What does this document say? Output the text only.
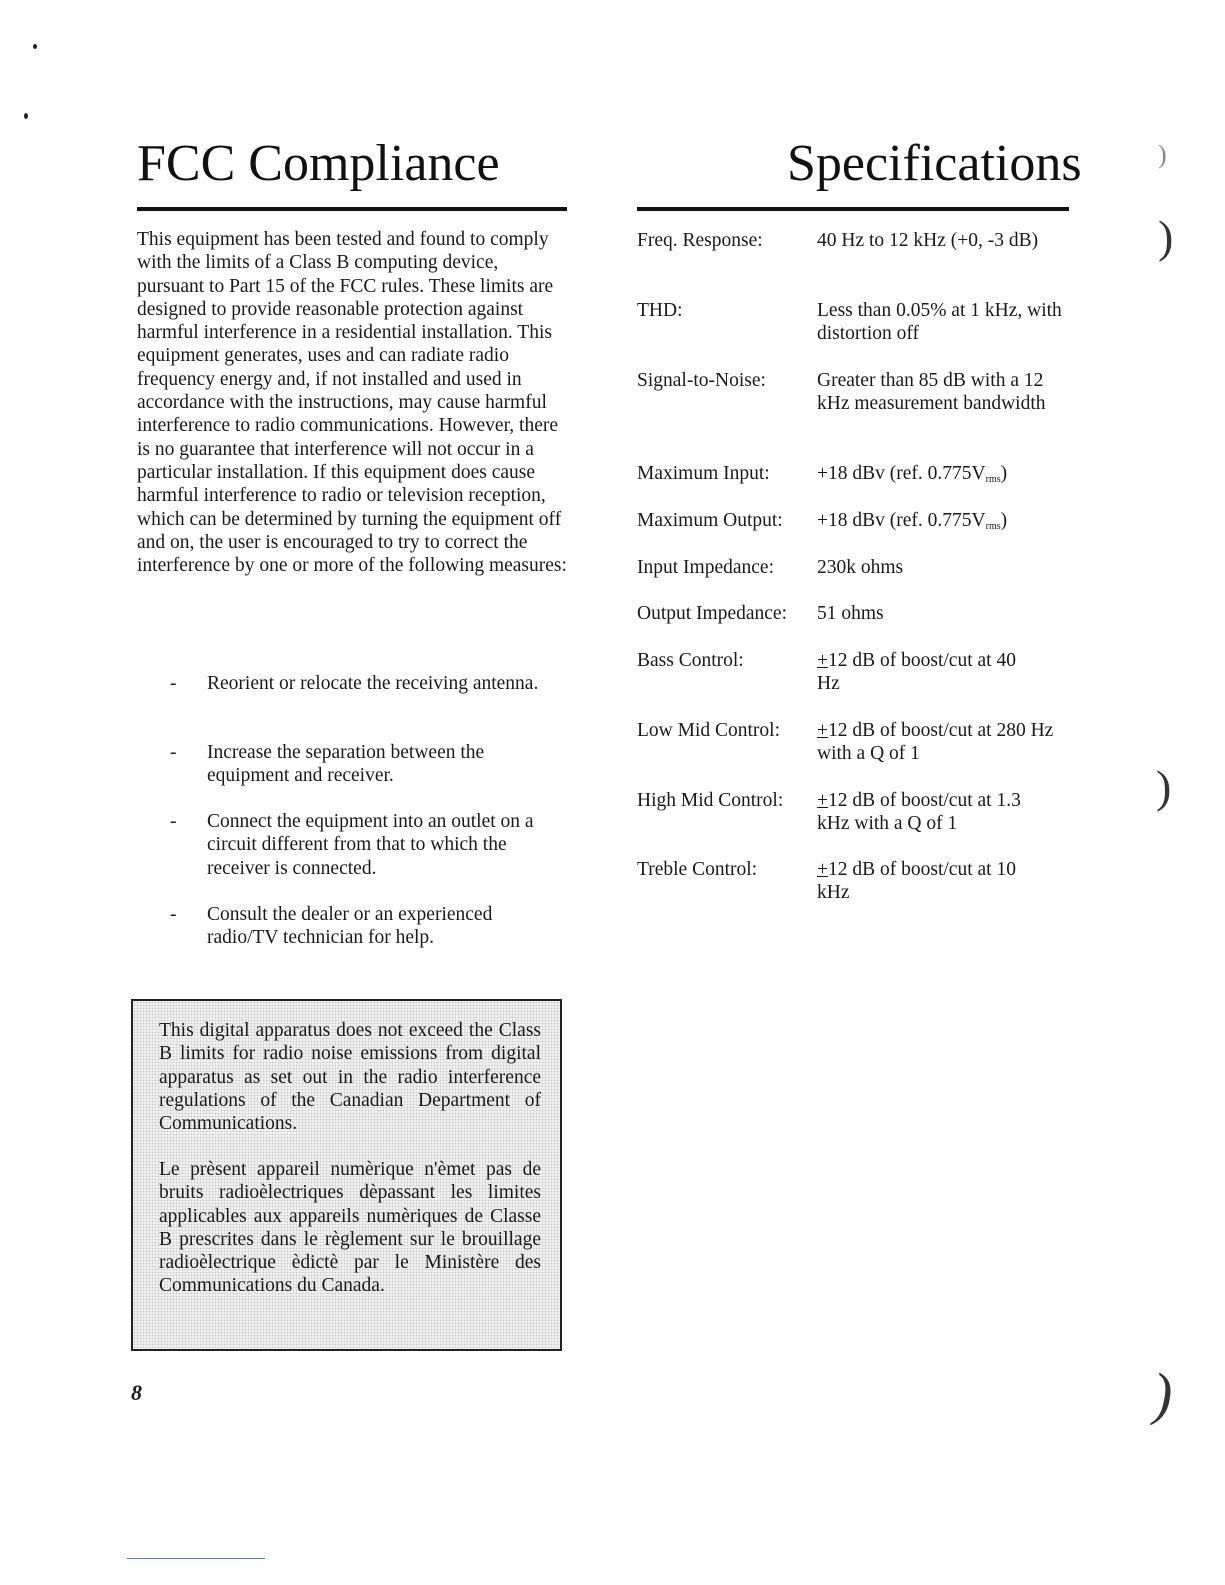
FCC Compliance

This equipment has been tested and found to comply with the limits of a Class B computing device, pursuant to Part 15 of the FCC rules. These limits are designed to provide reasonable protection against harmful interference in a residential installation. This equipment generates, uses and can radiate radio frequency energy and, if not installed and used in accordance with the instructions, may cause harmful interference to radio communications. However, there is no guarantee that interference will not occur in a particular installation. If this equipment does cause harmful interference to radio or television reception, which can be determined by turning the equipment off and on, the user is encouraged to try to correct the interference by one or more of the following measures:

- Reorient or relocate the receiving antenna.
- Increase the separation between the equipment and receiver.
- Connect the equipment into an outlet on a circuit different from that to which the receiver is connected.
- Consult the dealer or an experienced radio/TV technician for help.

This digital apparatus does not exceed the Class B limits for radio noise emissions from digital apparatus as set out in the radio interference regulations of the Canadian Department of Communications.

Le prèsent appareil numèrique n'èmet pas de bruits radioèlectriques dèpassant les limites applicables aux appareils numèriques de Classe B prescrites dans le règlement sur le brouillage radioèlectrique èdictè par le Ministère des Communications du Canada.

8
Specifications
Freq. Response:	40 Hz to 12 kHz (+0, -3 dB)
THD:	Less than 0.05% at 1 kHz, with distortion off
Signal-to-Noise:	Greater than 85 dB with a 12 kHz measurement bandwidth
Maximum Input: +18 dBv (ref. $0.775V_{rms}$)
Maximum Output: +18 dBv (ref. $0.775V_{rms}$)
Input Impedance: 230k ohms
Output Impedance: 51 ohms
Bass Control:	+12 dB of boost/cut at 40 Hz
Low Mid Control: +12 dB of boost/cut at 280 Hz with a Q of 1
High Mid Control: +12 dB of boost/cut at 1.3 kHz with a Q of 1
Treble Control:	+12 dB of boost/cut at 10 kHz
)
)
)
)
